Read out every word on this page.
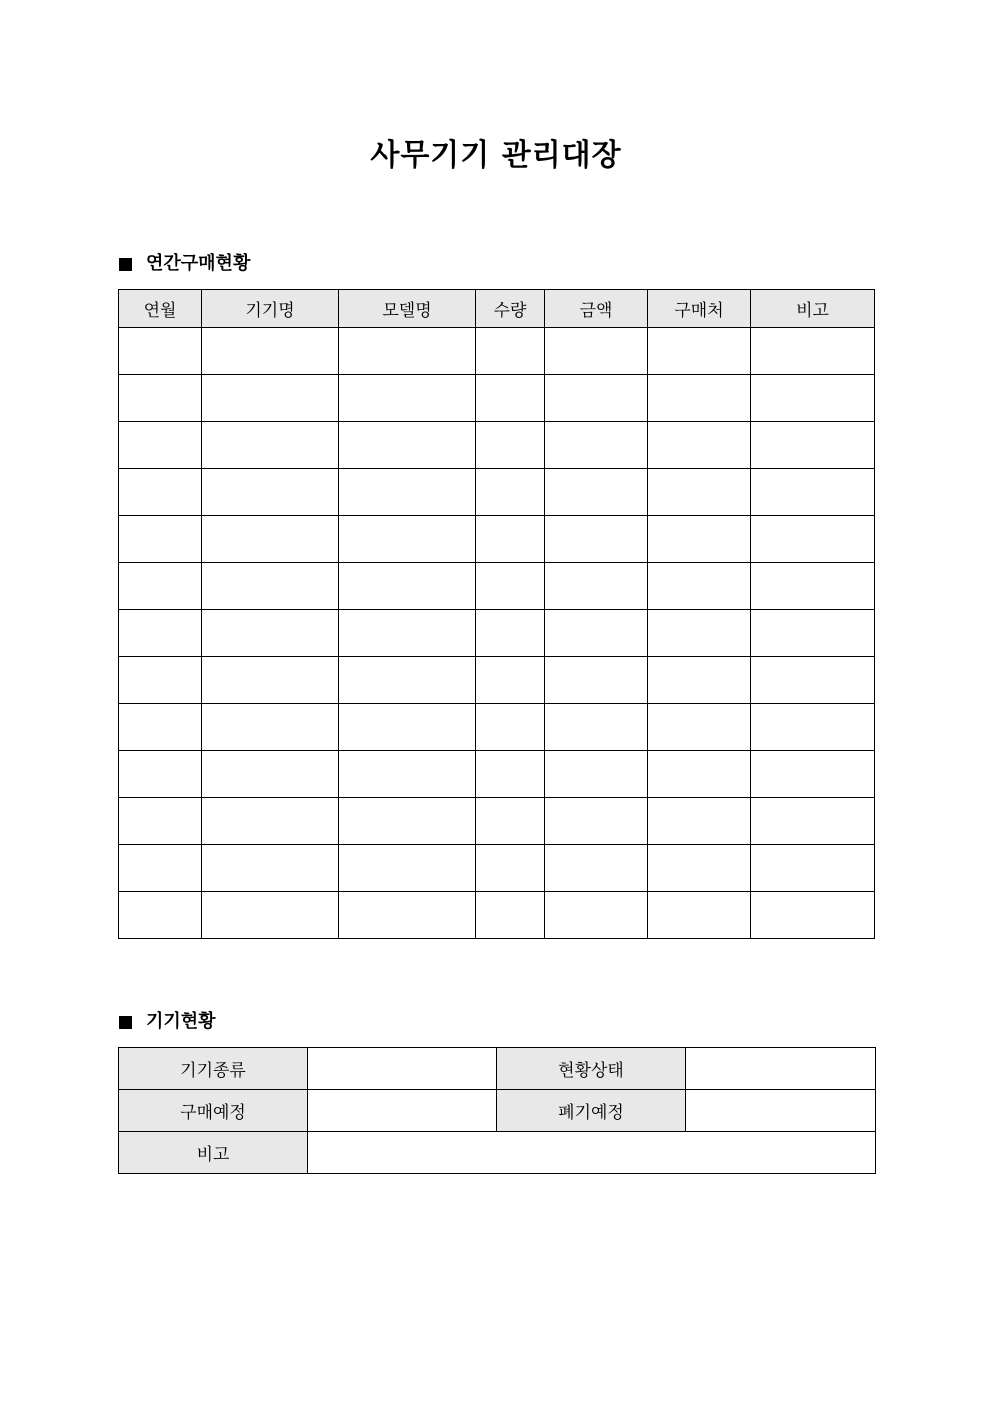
사무기기 관리대장
연간구매현황
연월	기기명	모델명	수량	금액	구매처	비고

기기현황
기기종류		현황상태	
구매예정		폐기예정	
비고			
